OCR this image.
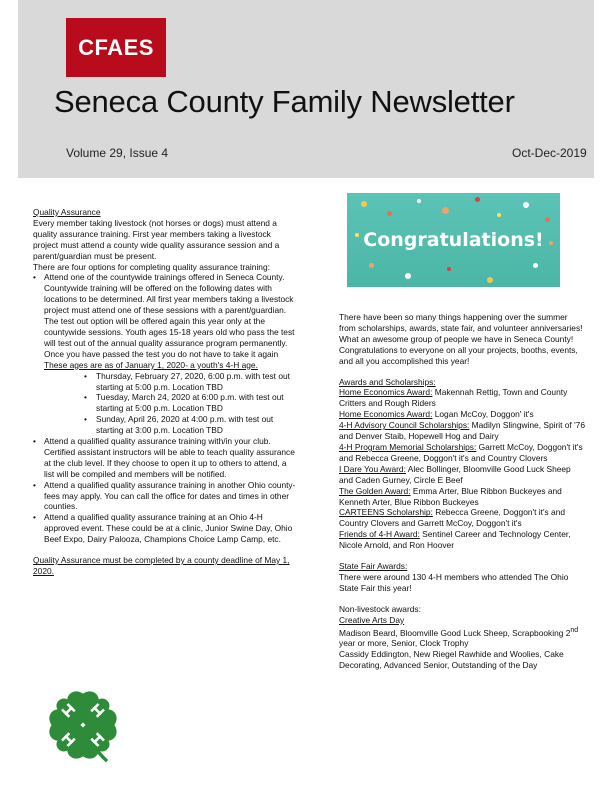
CFAES
Seneca County Family Newsletter
Volume 29, Issue 4	Oct-Dec-2019

Quality Assurance

Every member taking livestock (not horses or dogs) must attend a quality assurance training. First year members taking a livestock project must attend a county wide quality assurance session and a parent/guardian must be present.

There are four options for completing quality assurance training:

• Attend one of the countywide trainings offered in Seneca County. Countywide training will be offered on the following dates with locations to be determined. All first year members taking a livestock project must attend one of these sessions with a parent/guardian. The test out option will be offered again this year only at the countywide sessions. Youth ages 15-18 years old who pass the test will test out of the annual quality assurance program permanently. Once you have passed the test you do not have to take it again These ages are as of January 1, 2020- a youth's 4-H age.
• Thursday, February 27, 2020, 6:00 p.m. with test out starting at 5:00 p.m. Location TBD
• Tuesday, March 24, 2020 at 6:00 p.m. with test out starting at 5:00 p.m. Location TBD
• Sunday, April 26, 2020 at 4:00 p.m. with test out starting at 3:00 p.m. Location TBD
• Attend a qualified quality assurance training with/in your club. Certified assistant instructors will be able to teach quality assurance at the club level. If they choose to open it up to others to attend, a list will be compiled and members will be notified.
• Attend a qualified quality assurance training in another Ohio county- fees may apply. You can call the office for dates and times in other counties.
• Attend a qualified quality assurance training at an Ohio 4-H approved event. These could be at a clinic, Junior Swine Day, Ohio Beef Expo, Dairy Palooza, Champions Choice Lamp Camp, etc.

Quality Assurance must be completed by a county deadline of May 1, 2020.

Congratulations!

There have been so many things happening over the summer from scholarships, awards, state fair, and volunteer anniversaries! What an awesome group of people we have in Seneca County! Congratulations to everyone on all your projects, booths, events, and all you accomplished this year!

Awards and Scholarships:

Home Economics Award: Makennah Rettig, Town and County Critters and Rough Riders

Home Economics Award: Logan McCoy, Doggon' it's

4-H Advisory Council Scholarships: Madilyn Slingwine, Spirit of '76 and Denver Staib, Hopewell Hog and Dairy

4-H Program Memorial Scholarships: Garrett McCoy, Doggon't it's and Rebecca Greene, Doggon't it's and Country Clovers

I Dare You Award: Alec Bollinger, Bloomville Good Luck Sheep and Caden Gurney, Circle E Beef

The Golden Award: Emma Arter, Blue Ribbon Buckeyes and Kenneth Arter, Blue Ribbon Buckeyes

CARTEENS Scholarship: Rebecca Greene, Doggon't it's and Country Clovers and Garrett McCoy, Doggon't it's

Friends of 4-H Award: Sentinel Career and Technology Center, Nicole Arnold, and Ron Hoover

State Fair Awards:

There were around 130 4-H members who attended The Ohio State Fair this year!

Non-livestock awards:

Creative Arts Day

Madison Beard, Bloomville Good Luck Sheep, Scrapbooking 2nd year or more, Senior, Clock Trophy

Cassidy Eddington, New Riegel Rawhide and Woolies, Cake Decorating, Advanced Senior, Outstanding of the Day
